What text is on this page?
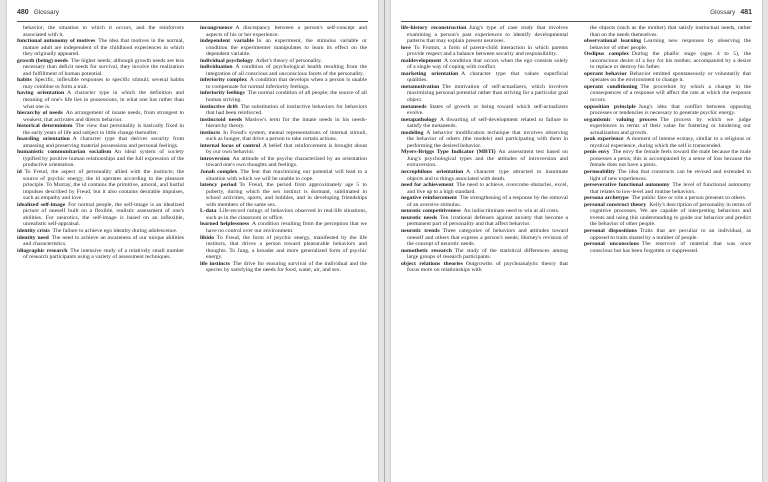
480 Glossary
behavior, the situation in which it occurs, and the reinforcers associated with it.
functional autonomy of motives  The idea that motives in the normal, mature adult are independent of the childhood experiences in which they originally appeared.
growth (being) needs  The higher needs; although growth needs are less necessary than deficit needs for survival, they involve the realization and fulfillment of human potential.
habits  Specific, inflexible responses to specific stimuli; several habits may combine to form a trait.
having orientation  A character type in which the definition and meaning of one's life lies in possessions, in what one has rather than what one is.
hierarchy of needs  An arrangement of innate needs, from strongest to weakest, that activates and directs behavior.
historical determinism  The view that personality is basically fixed in the early years of life and subject to little change thereafter.
hoarding orientation  A character type that derives security from amassing and preserving material possessions and personal feelings.
humanistic communitarian socialism  An ideal system of society typified by positive human relationships and the full expression of the productive orientation.
id  To Freud, the aspect of personality allied with the instincts; the source of psychic energy, the id operates according to the pleasure principle. To Murray, the id contains the primitive, amoral, and lustful impulses described by Freud, but it also contains desirable impulses, such as empathy and love.
idealized self-image  For normal people, the self-image is an idealized picture of oneself built on a flexible, realistic assessment of one's abilities. For neurotics, the self-image is based on an inflexible, unrealistic self-appraisal.
identity crisis  The failure to achieve ego identity during adolescence.
identity need  The need to achieve an awareness of our unique abilities and characteristics.
idiographic research  The intensive study of a relatively small number of research participants using a variety of assessment techniques.
incongruence  A discrepancy between a person's self-concept and aspects of his or her experience.
independent variable  In an experiment, the stimulus variable or condition the experimenter manipulates to learn its effect on the dependent variable.
individual psychology  Adler's theory of personality.
individuation  A condition of psychological health resulting from the integration of all conscious and unconscious facets of the personality.
inferiority complex  A condition that develops when a person is unable to compensate for normal inferiority feelings.
inferiority feelings  The normal condition of all people; the source of all human striving.
instinctive drift  The substitution of instinctive behaviors for behaviors that had been reinforced.
instinctoid needs  Maslow's term for the innate needs in his needs-hierarchy theory.
instincts  In Freud's system, mental representations of internal stimuli, such as hunger, that drive a person to take certain actions.
internal locus of control  A belief that reinforcement is brought about by our own behavior.
introversion  An attitude of the psyche characterized by an orientation toward one's own thoughts and feelings.
Jonah complex  The fear that maximizing our potential will lead to a situation with which we will be unable to cope.
latency period  To Freud, the period from approximately age 5 to puberty, during which the sex instinct is dormant, sublimated in school activities, sports, and hobbies, and in developing friendships with members of the same sex.
L-data  Life-record ratings of behaviors observed in real-life situations, such as in the classroom or office.
learned helplessness  A condition resulting from the perception that we have no control over our environment.
libido  To Freud, the form of psychic energy, manifested by the life instincts, that drives a person toward pleasurable behaviors and thoughts. To Jung, a broader and more generalized form of psychic energy.
life instincts  The drive for ensuring survival of the individual and the species by satisfying the needs for food, water, air, and sex.
Glossary 481
life-history reconstruction  Jung's type of case study that involves examining a person's past experiences to identify developmental patterns that may explain present neuroses.
love  To Fromm, a form of parent-child interaction in which parents provide respect and a balance between security and responsibility.
maldevelopment  A condition that occurs when the ego consists solely of a single way of coping with conflict.
marketing orientation  A character type that values superficial qualities.
metamotivation  The motivation of self-actualizers, which involves maximizing personal potential rather than striving for a particular goal object.
metaneeds  States of growth or being toward which self-actualizers evolve.
metapathology  A thwarting of self-development related to failure to satisfy the metaneeds.
modeling  A behavior modification technique that involves observing the behavior of others (the models) and participating with them in performing the desired behavior.
Myers-Briggs Type Indicator (MBTI)  An assessment test based on Jung's psychological types and the attitudes of introversion and extraversion.
necrophilous orientation  A character type attracted to inanimate objects and to things associated with death.
need for achievement  The need to achieve, overcome obstacles, excel, and live up to a high standard.
negative reinforcement  The strengthening of a response by the removal of an aversive stimulus.
neurotic competitiveness  An indiscriminate need to win at all costs.
neurotic needs  Ten irrational defenses against anxiety that become a permanent part of personality and that affect behavior.
neurotic trends  Three categories of behaviors and attitudes toward oneself and others that express a person's needs; Horney's revision of the concept of neurotic needs.
nomothetic research  The study of the statistical differences among large groups of research participants.
object relations theories  Outgrowths of psychoanalytic theory that focus more on relationships with
the objects (such as the mother) that satisfy instinctual needs, rather than on the needs themselves.
observational learning  Learning new responses by observing the behavior of other people.
Oedipus complex  During the phallic stage (ages 4 to 5), the unconscious desire of a boy for his mother, accompanied by a desire to replace or destroy his father.
operant behavior  Behavior emitted spontaneously or voluntarily that operates on the environment to change it.
operant conditioning  The procedure by which a change in the consequences of a response will affect the rate at which the response occurs.
opposition principle  Jung's idea that conflict between opposing processes or tendencies is necessary to generate psychic energy.
organismic valuing process  The process by which we judge experiences in terms of their value for fostering or hindering our actualization and growth.
peak experience  A moment of intense ecstasy, similar to a religious or mystical experience, during which the self is transcended.
penis envy  The envy the female feels toward the male because the male possesses a penis; this is accompanied by a sense of loss because the female does not have a penis.
permeability  The idea that constructs can be revised and extended in light of new experiences.
perseverative functional autonomy  The level of functional autonomy that relates to low-level and routine behaviors.
persona archetype  The public face or role a person presents to others.
personal construct theory  Kelly's description of personality in terms of cognitive processes. We are capable of interpreting behaviors and events and using this understanding to guide our behavior and predict the behavior of other people.
personal dispositions  Traits that are peculiar to an individual, as opposed to traits shared by a number of people.
personal unconscious  The reservoir of material that was once conscious but has been forgotten or suppressed.
